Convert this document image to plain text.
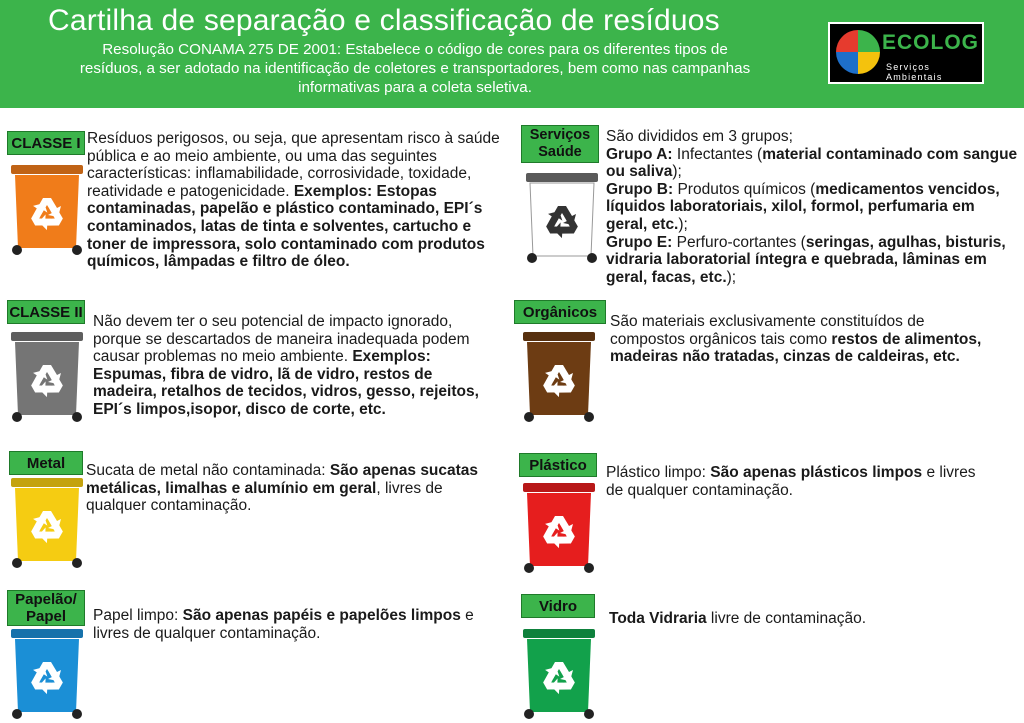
Cartilha de separação e classificação de resíduos
Resolução CONAMA 275 DE 2001: Estabelece o código de cores para os diferentes tipos de resíduos, a ser adotado na identificação de coletores e transportadores, bem como nas campanhas informativas para a coleta seletiva.
ECOLOG
Serviços Ambientais
CLASSE I Resíduos perigosos, ou seja, que apresentam risco à saúde pública e ao meio ambiente, ou uma das seguintes características: inflamabilidade, corrosividade, toxidade, reatividade e patogenicidade. Exemplos: Estopas contaminadas, papelão e plástico contaminado, EPI´s contaminados, latas de tinta e solventes, cartucho e toner de impressora, solo contaminado com produtos químicos, lâmpadas e filtro de óleo.
Serviços Saúde
São divididos em 3 grupos;
Grupo A: Infectantes (material contaminado com sangue ou saliva);
Grupo B: Produtos químicos (medicamentos vencidos, líquidos laboratoriais, xilol, formol, perfumaria em geral, etc.);
Grupo E: Perfuro-cortantes (seringas, agulhas, bisturis, vidraria laboratorial íntegra e quebrada, lâminas em geral, facas, etc.);
CLASSE II
Não devem ter o seu potencial de impacto ignorado, porque se descartados de maneira inadequada podem causar problemas no meio ambiente. Exemplos: Espumas, fibra de vidro, lã de vidro, restos de madeira, retalhos de tecidos, vidros, gesso, rejeitos, EPI´s limpos,isopor, disco de corte, etc.
Orgânicos
São materiais exclusivamente constituídos de compostos orgânicos tais como restos de alimentos, madeiras não tratadas, cinzas de caldeiras, etc.
Metal	Sucata de metal não contaminada: São apenas sucatas metálicas, limalhas e alumínio em geral, livres de qualquer contaminação.
Plástico	Plástico limpo: São apenas plásticos limpos e livres de qualquer contaminação.
Papelão/ Papel	Papel limpo: São apenas papéis e papelões limpos e livres de qualquer contaminação.
Vidro
Toda Vidraria livre de contaminação.
